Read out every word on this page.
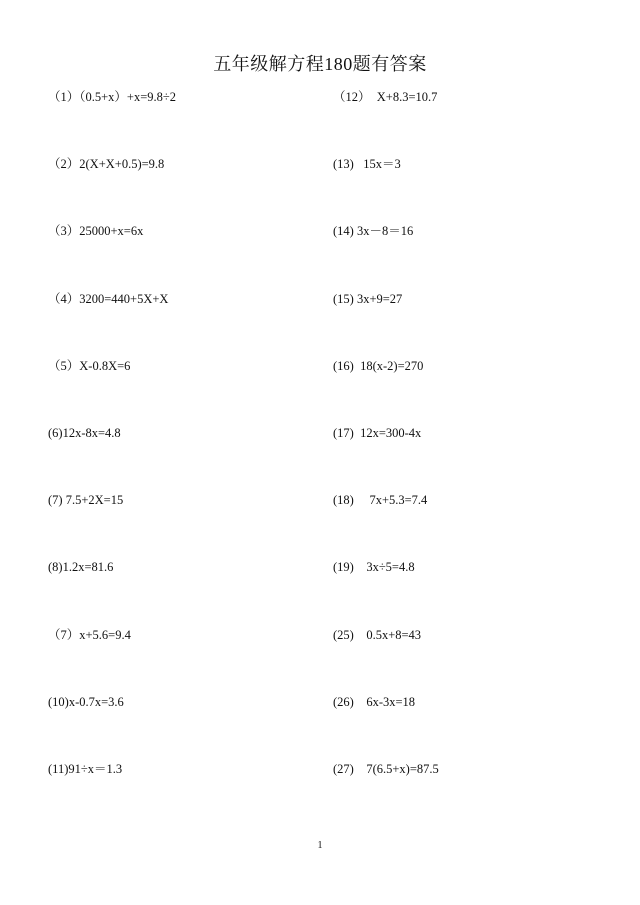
五年级解方程180题有答案
（1）（0.5+x）+x=9.8÷2
（2）2(X+X+0.5)=9.8
（3）25000+x=6x
（4）3200=440+5X+X
（5）X-0.8X=6
(6)12x-8x=4.8
(7) 7.5+2X=15
(8)1.2x=81.6
（7）x+5.6=9.4
(10)x-0.7x=3.6
(11)91÷x＝1.3
（12）  X+8.3=10.7
(13)   15x＝3
(14) 3x－8＝16
(15) 3x+9=27
(16)  18(x-2)=270
(17)  12x=300-4x
(18)     7x+5.3=7.4
(19)    3x÷5=4.8
(25)    0.5x+8=43
(26)    6x-3x=18
(27)    7(6.5+x)=87.5
1
